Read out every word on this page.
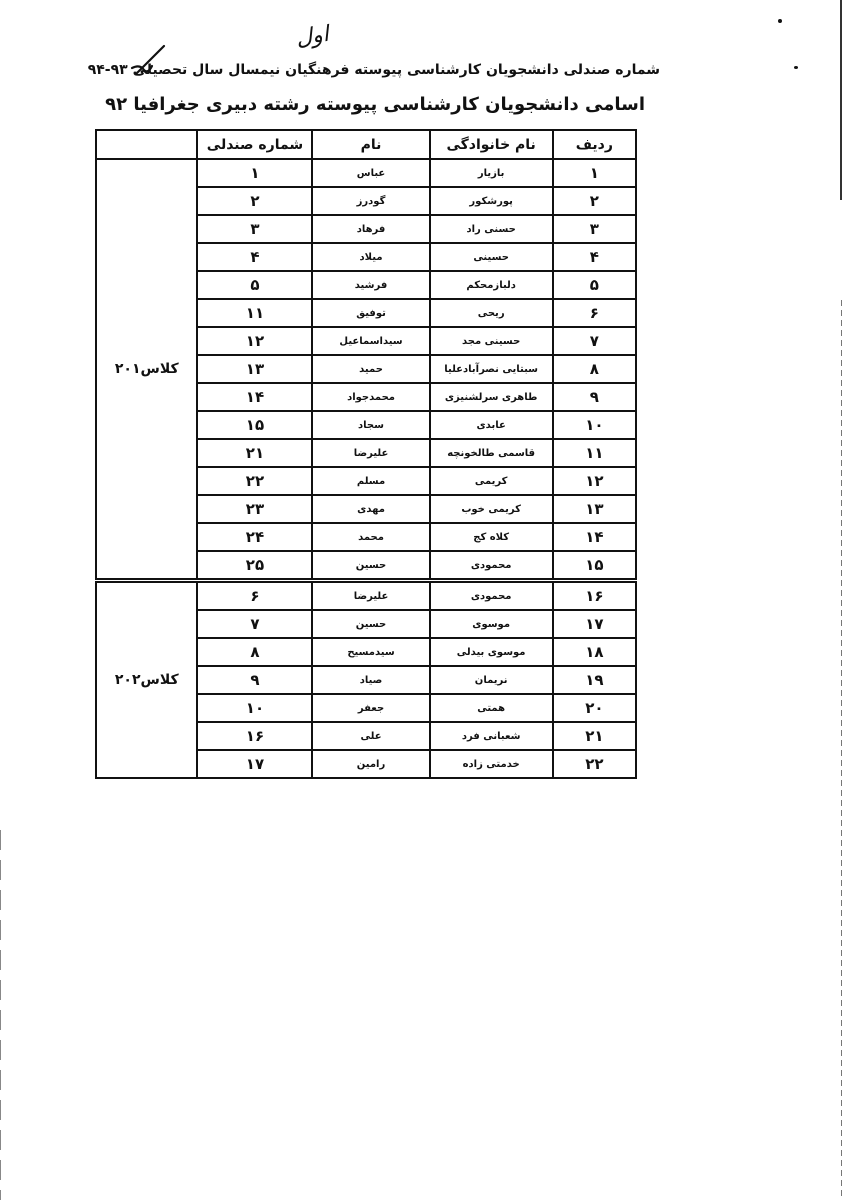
اول
شماره صندلی دانشجویان کارشناسی پیوسته فرهنگیان نیمسال سال تحصیلی ۹۳-۹۴
اسامی دانشجویان کارشناسی پیوسته رشته دبیری جغرافیا ۹۲
ردیف	نام خانوادگی	نام	شماره صندلی	
۱	بازیار	عباس	۱	کلاس۲۰۱
۲	پورشکور	گودرز	۲	
۳	حسنی راد	فرهاد	۳	
۴	حسینی	میلاد	۴	
۵	دلبازمحکم	فرشید	۵	
۶	ریحی	توفیق	۱۱	
۷	حسینی مجد	سیداسماعیل	۱۲	
۸	سبتایی نصرآبادعلیا	حمید	۱۳	
۹	طاهری سرلشنیزی	محمدجواد	۱۴	
۱۰	عابدی	سجاد	۱۵	
۱۱	قاسمی طالخونچه	علیرضا	۲۱	
۱۲	کریمی	مسلم	۲۲	
۱۳	کریمی خوب	مهدی	۲۳	
۱۴	کلاه کج	محمد	۲۴	
۱۵	محمودی	حسین	۲۵	
۱۶	محمودی	علیرضا	۶	کلاس۲۰۲
۱۷	موسوی	حسین	۷	
۱۸	موسوی بیدلی	سیدمسیح	۸	
۱۹	نریمان	صیاد	۹	
۲۰	همتی	جعفر	۱۰	
۲۱	شعبانی فرد	علی	۱۶	
۲۲	خدمتی زاده	رامین	۱۷	
